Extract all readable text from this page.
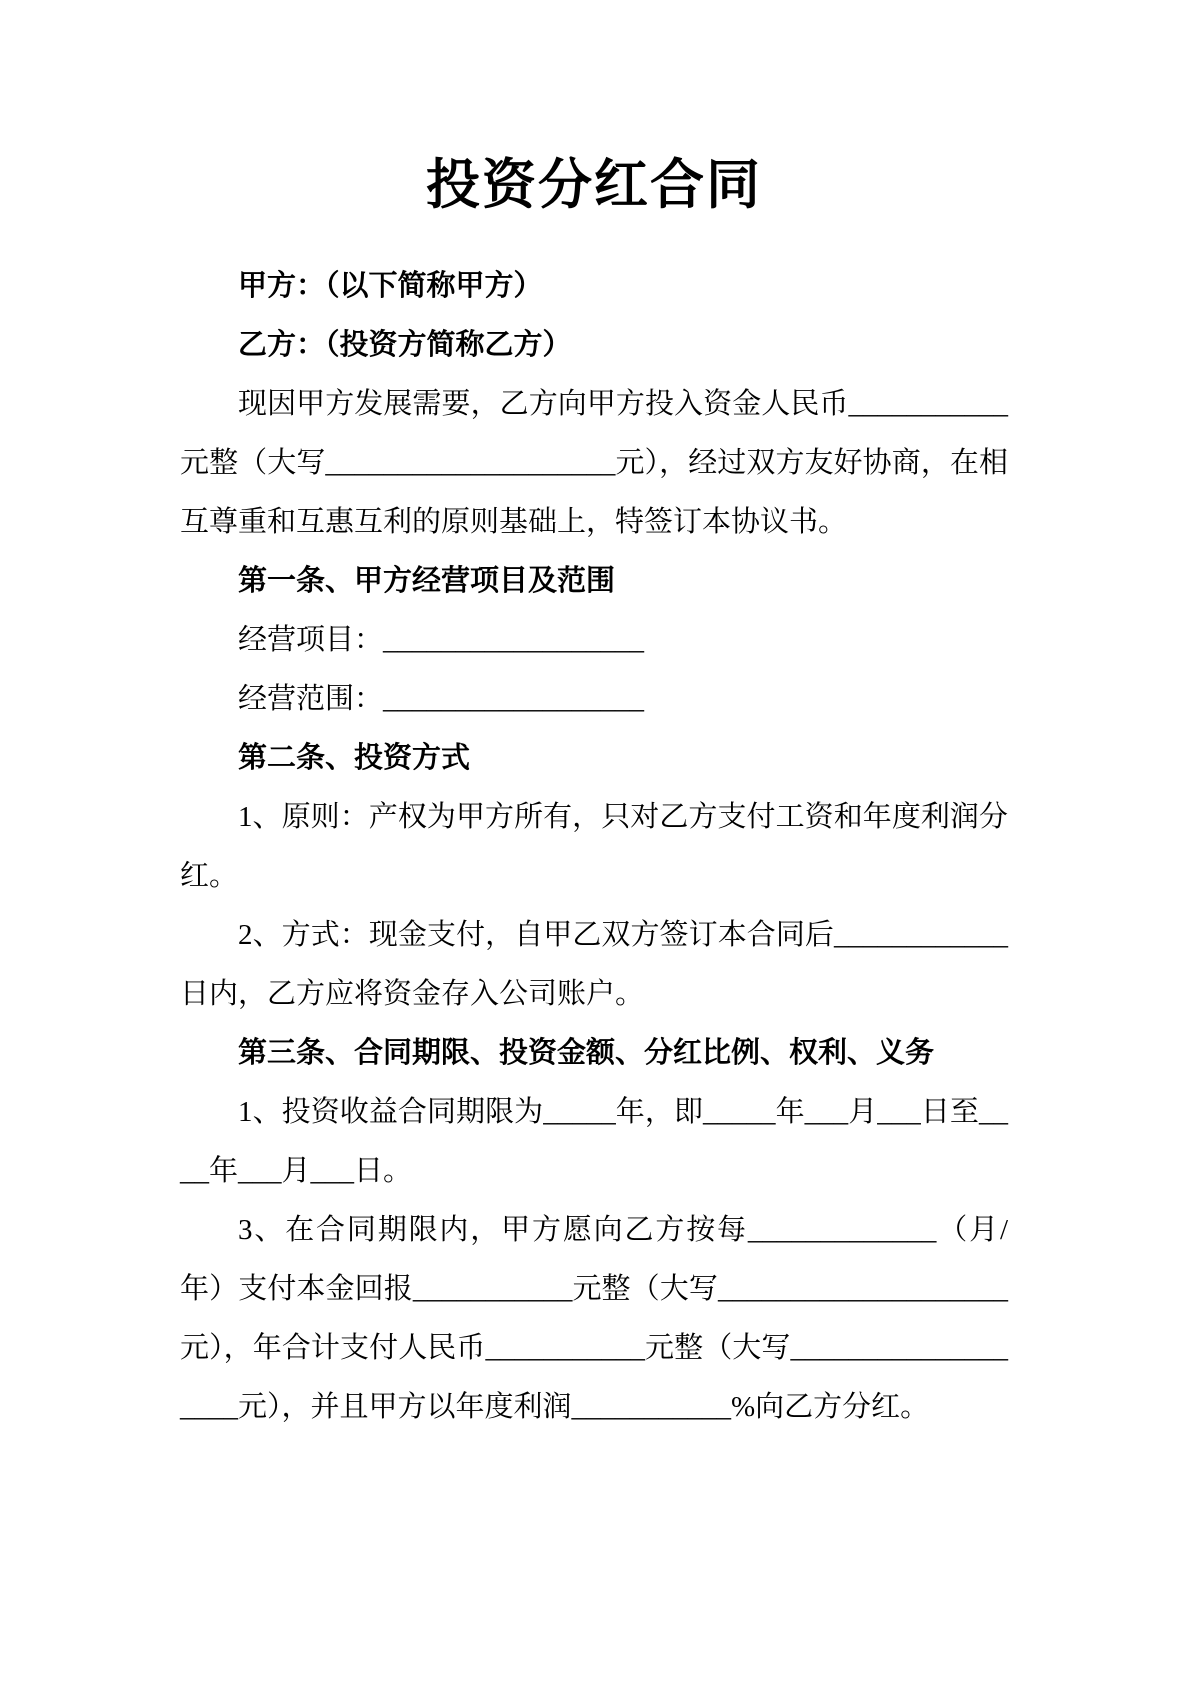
投资分红合同

甲方：（以下简称甲方）

乙方：（投资方简称乙方）

现因甲方发展需要，乙方向甲方投入资金人民币___________元整（大写____________________元），经过双方友好协商，在相互尊重和互惠互利的原则基础上，特签订本协议书。

第一条、甲方经营项目及范围

经营项目：__________________

经营范围：__________________

第二条、投资方式

1、原则：产权为甲方所有，只对乙方支付工资和年度利润分红。

2、方式：现金支付，自甲乙双方签订本合同后____________日内，乙方应将资金存入公司账户。

第三条、合同期限、投资金额、分红比例、权利、义务

1、投资收益合同期限为_____年，即_____年___月___日至____年___月___日。

3、在合同期限内，甲方愿向乙方按每_____________（月/年）支付本金回报___________元整（大写____________________元），年合计支付人民币___________元整（大写___________________元），并且甲方以年度利润___________%向乙方分红。
